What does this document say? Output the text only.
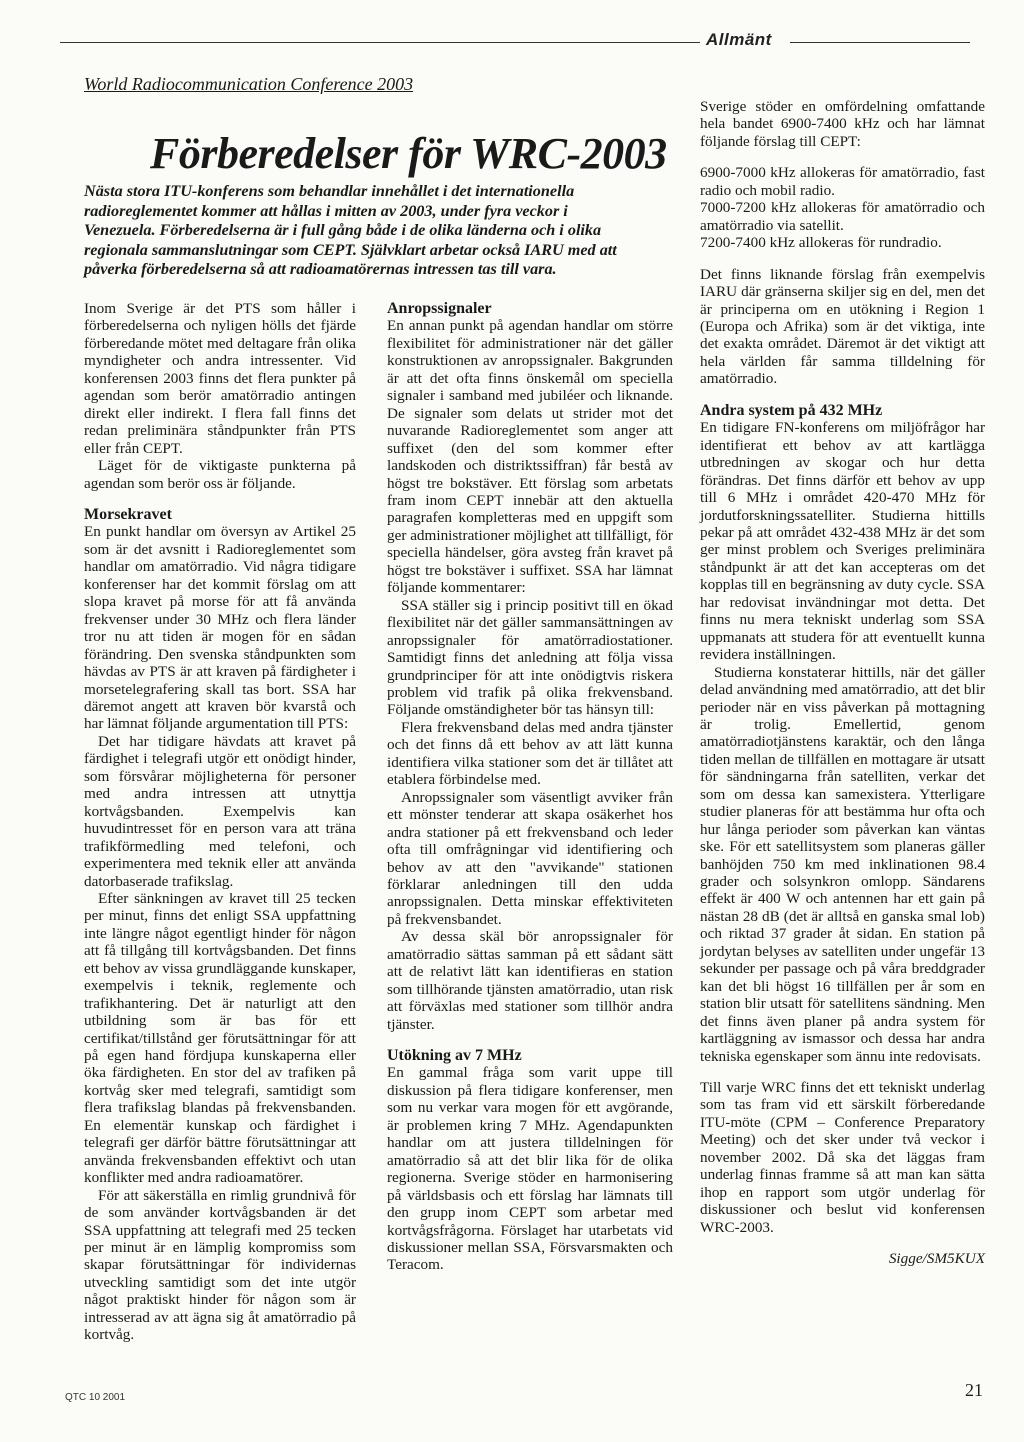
Allmänt
World Radiocommunication Conference 2003
Förberedelser för WRC-2003
Nästa stora ITU-konferens som behandlar innehållet i det internationella radioreglementet kommer att hållas i mitten av 2003, under fyra veckor i Venezuela. Förberedelserna är i full gång både i de olika länderna och i olika regionala sammanslutningar som CEPT. Självklart arbetar också IARU med att påverka förberedelserna så att radioamatörernas intressen tas till vara.

Inom Sverige är det PTS som håller i förberedelserna och nyligen hölls det fjärde förberedande mötet med deltagare från olika myndigheter och andra intressenter. Vid konferensen 2003 finns det flera punkter på agendan som berör amatörradio antingen direkt eller indirekt. I flera fall finns det redan preliminära ståndpunkter från PTS eller från CEPT.

Läget för de viktigaste punkterna på agendan som berör oss är följande.

Morsekravet

En punkt handlar om översyn av Artikel 25 som är det avsnitt i Radioreglementet som handlar om amatörradio. Vid några tidigare konferenser har det kommit förslag om att slopa kravet på morse för att få använda frekvenser under 30 MHz och flera länder tror nu att tiden är mogen för en sådan förändring. Den svenska ståndpunkten som hävdas av PTS är att kraven på färdigheter i morsetelegrafering skall tas bort. SSA har däremot angett att kraven bör kvarstå och har lämnat följande argumentation till PTS:

Det har tidigare hävdats att kravet på färdighet i telegrafi utgör ett onödigt hinder, som försvårar möjligheterna för personer med andra intressen att utnyttja kortvågsbanden. Exempelvis kan huvudintresset för en person vara att träna trafikförmedling med telefoni, och experimentera med teknik eller att använda datorbaserade trafikslag.

Efter sänkningen av kravet till 25 tecken per minut, finns det enligt SSA uppfattning inte längre något egentligt hinder för någon att få tillgång till kortvågsbanden. Det finns ett behov av vissa grundläggande kunskaper, exempelvis i teknik, reglemente och trafikhantering. Det är naturligt att den utbildning som är bas för ett certifikat/tillstånd ger förutsättningar för att på egen hand fördjupa kunskaperna eller öka färdigheten. En stor del av trafiken på kortvåg sker med telegrafi, samtidigt som flera trafikslag blandas på frekvensbanden. En elementär kunskap och färdighet i telegrafi ger därför bättre förutsättningar att använda frekvensbanden effektivt och utan konflikter med andra radioamatörer.

För att säkerställa en rimlig grundnivå för de som använder kortvågsbanden är det SSA uppfattning att telegrafi med 25 tecken per minut är en lämplig kompromiss som skapar förutsättningar för individernas utveckling samtidigt som det inte utgör något praktiskt hinder för någon som är intresserad av att ägna sig åt amatörradio på kortvåg.

Anropssignaler

En annan punkt på agendan handlar om större flexibilitet för administrationer när det gäller konstruktionen av anropssignaler. Bakgrunden är att det ofta finns önskemål om speciella signaler i samband med jubiléer och liknande. De signaler som delats ut strider mot det nuvarande Radioreglementet som anger att suffixet (den del som kommer efter landskoden och distriktssiffran) får bestå av högst tre bokstäver. Ett förslag som arbetats fram inom CEPT innebär att den aktuella paragrafen kompletteras med en uppgift som ger administrationer möjlighet att tillfälligt, för speciella händelser, göra avsteg från kravet på högst tre bokstäver i suffixet. SSA har lämnat följande kommentarer:

SSA ställer sig i princip positivt till en ökad flexibilitet när det gäller sammansättningen av anropssignaler för amatörradiostationer. Samtidigt finns det anledning att följa vissa grundprinciper för att inte onödigtvis riskera problem vid trafik på olika frekvensband. Följande omständigheter bör tas hänsyn till:

Flera frekvensband delas med andra tjänster och det finns då ett behov av att lätt kunna identifiera vilka stationer som det är tillåtet att etablera förbindelse med.

Anropssignaler som väsentligt avviker från ett mönster tenderar att skapa osäkerhet hos andra stationer på ett frekvensband och leder ofta till omfrågningar vid identifiering och behov av att den "avvikande" stationen förklarar anledningen till den udda anropssignalen. Detta minskar effektiviteten på frekvensbandet.

Av dessa skäl bör anropssignaler för amatörradio sättas samman på ett sådant sätt att de relativt lätt kan identifieras en station som tillhörande tjänsten amatörradio, utan risk att förväxlas med stationer som tillhör andra tjänster.

Utökning av 7 MHz

En gammal fråga som varit uppe till diskussion på flera tidigare konferenser, men som nu verkar vara mogen för ett avgörande, är problemen kring 7 MHz. Agendapunkten handlar om att justera tilldelningen för amatörradio så att det blir lika för de olika regionerna. Sverige stöder en harmonisering på världsbasis och ett förslag har lämnats till den grupp inom CEPT som arbetar med kortvågsfrågorna. Förslaget har utarbetats vid diskussioner mellan SSA, Försvarsmakten och Teracom.

Sverige stöder en omfördelning omfattande hela bandet 6900-7400 kHz och har lämnat följande förslag till CEPT:

6900-7000 kHz allokeras för amatörradio, fast radio och mobil radio.

7000-7200 kHz allokeras för amatörradio och amatörradio via satellit.

7200-7400 kHz allokeras för rundradio.

Det finns liknande förslag från exempelvis IARU där gränserna skiljer sig en del, men det är principerna om en utökning i Region 1 (Europa och Afrika) som är det viktiga, inte det exakta området. Däremot är det viktigt att hela världen får samma tilldelning för amatörradio.

Andra system på 432 MHz

En tidigare FN-konferens om miljöfrågor har identifierat ett behov av att kartlägga utbredningen av skogar och hur detta förändras. Det finns därför ett behov av upp till 6 MHz i området 420-470 MHz för jordutforskningssatelliter. Studierna hittills pekar på att området 432-438 MHz är det som ger minst problem och Sveriges preliminära ståndpunkt är att det kan accepteras om det kopplas till en begränsning av duty cycle. SSA har redovisat invändningar mot detta. Det finns nu mera tekniskt underlag som SSA uppmanats att studera för att eventuellt kunna revidera inställningen.

Studierna konstaterar hittills, när det gäller delad användning med amatörradio, att det blir perioder när en viss påverkan på mottagning är trolig. Emellertid, genom amatörradiotjänstens karaktär, och den långa tiden mellan de tillfällen en mottagare är utsatt för sändningarna från satelliten, verkar det som om dessa kan samexistera. Ytterligare studier planeras för att bestämma hur ofta och hur långa perioder som påverkan kan väntas ske. För ett satellitsystem som planeras gäller banhöjden 750 km med inklinationen 98.4 grader och solsynkron omlopp. Sändarens effekt är 400 W och antennen har ett gain på nästan 28 dB (det är alltså en ganska smal lob) och riktad 37 grader åt sidan. En station på jordytan belyses av satelliten under ungefär 13 sekunder per passage och på våra breddgrader kan det bli högst 16 tillfällen per år som en station blir utsatt för satellitens sändning. Men det finns även planer på andra system för kartläggning av ismassor och dessa har andra tekniska egenskaper som ännu inte redovisats.

Till varje WRC finns det ett tekniskt underlag som tas fram vid ett särskilt förberedande ITU-möte (CPM – Conference Preparatory Meeting) och det sker under två veckor i november 2002. Då ska det läggas fram underlag finnas framme så att man kan sätta ihop en rapport som utgör underlag för diskussioner och beslut vid konferensen WRC-2003.

Sigge/SM5KUX

QTC 10 2001	21
